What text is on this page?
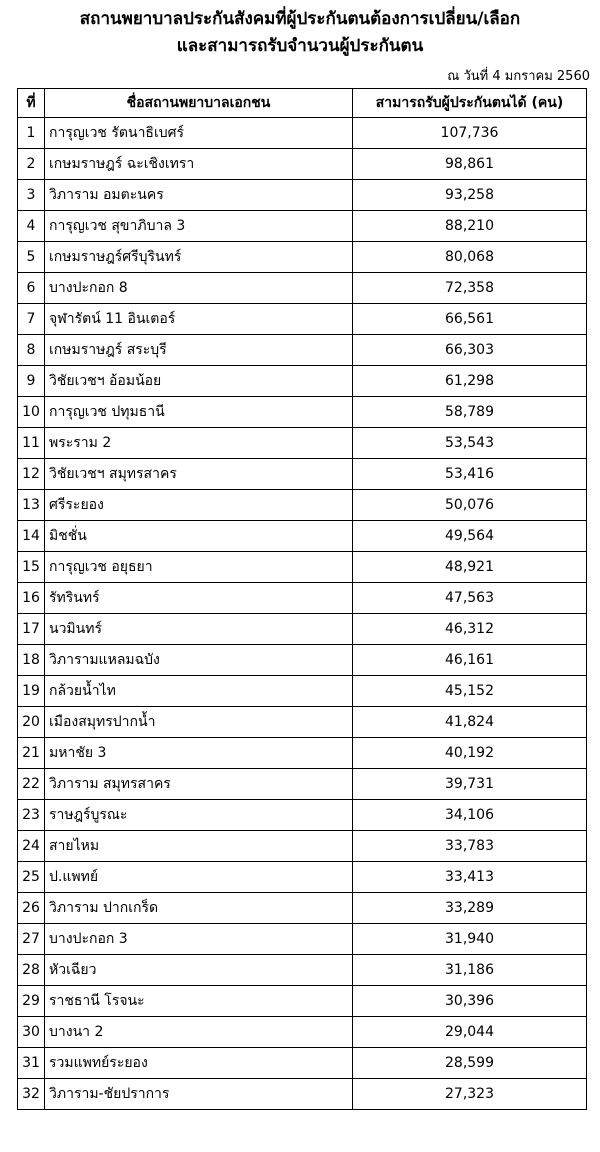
สถานพยาบาลประกันสังคมที่ผู้ประกันตนต้องการเปลี่ยน/เลือก
และสามารถรับจำนวนผู้ประกันตน
ณ วันที่ 4 มกราคม 2560
ที่	ชื่อสถานพยาบาลเอกชน	สามารถรับผู้ประกันตนได้ (คน)
1	การุญเวช รัตนาธิเบศร์	107,736
2	เกษมราษฎร์ ฉะเชิงเทรา	98,861
3	วิภาราม อมตะนคร	93,258
4	การุญเวช สุขาภิบาล 3	88,210
5	เกษมราษฎร์ศรีบุรินทร์	80,068
6	บางปะกอก 8	72,358
7	จุฬารัตน์ 11 อินเตอร์	66,561
8	เกษมราษฎร์ สระบุรี	66,303
9	วิชัยเวชฯ อ้อมน้อย	61,298
10	การุญเวช ปทุมธานี	58,789
11	พระราม 2	53,543
12	วิชัยเวชฯ สมุทรสาคร	53,416
13	ศรีระยอง	50,076
14	มิชชั่น	49,564
15	การุญเวช อยุธยา	48,921
16	รัทรินทร์	47,563
17	นวมินทร์	46,312
18	วิภารามแหลมฉบัง	46,161
19	กล้วยน้ำไท	45,152
20	เมืองสมุทรปากน้ำ	41,824
21	มหาชัย 3	40,192
22	วิภาราม สมุทรสาคร	39,731
23	ราษฎร์บูรณะ	34,106
24	สายไหม	33,783
25	ป.แพทย์	33,413
26	วิภาราม ปากเกร็ด	33,289
27	บางปะกอก 3	31,940
28	หัวเฉียว	31,186
29	ราชธานี โรจนะ	30,396
30	บางนา 2	29,044
31	รวมแพทย์ระยอง	28,599
32	วิภาราม-ชัยปราการ	27,323
